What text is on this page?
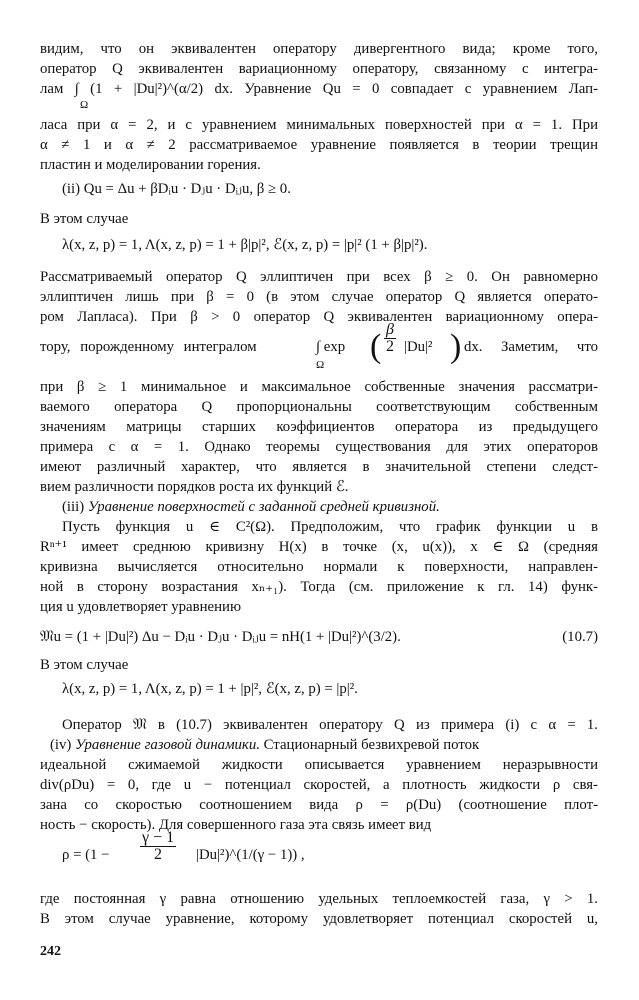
видим, что он эквивалентен оператору дивергентного вида; кроме того,

оператор Q эквивалентен вариационному оператору, связанному с интегра-

лам ∫ (1 + |Du|²)^(α/2) dx. Уравнение Qu = 0 совпадает с уравнением Лап-

Ω

ласа при α = 2, и с уравнением минимальных поверхностей при α = 1. При

α ≠ 1 и α ≠ 2 рассматриваемое уравнение появляется в теории трещин

пластин и моделировании горения.

(ii) Qu = Δu + βDᵢu · Dⱼu · Dᵢⱼu, β ≥ 0.

В этом случае

λ(x, z, p) = 1, Λ(x, z, p) = 1 + β|p|², ℰ(x, z, p) = |p|² (1 + β|p|²).

Рассматриваемый оператор Q эллиптичен при всех β ≥ 0. Он равномерно

эллиптичен лишь при β = 0 (в этом случае оператор Q является операто-

ром Лапласа). При β > 0 оператор Q эквивалентен вариационному опера-

тору, порожденному интегралом	∫ exp ( $\frac{\beta}{2} |Du|^2$ ) dx. Заметим, что

Ω

при β ≥ 1 минимальное и максимальное собственные значения рассматри-

ваемого оператора Q пропорциональны соответствующим собственным

значениям матрицы старших коэффициентов оператора из предыдущего

примера с α = 1. Однако теоремы существования для этих операторов

имеют различный характер, что является в значительной степени следст-

вием различности порядков роста их функций ℰ.

(iii) Уравнение поверхностей с заданной средней кривизной.

Пусть функция u ∈ C²(Ω). Предположим, что график функции u в

Rⁿ⁺¹ имеет среднюю кривизну H(x) в точке (x, u(x)), x ∈ Ω (средняя

кривизна вычисляется относительно нормали к поверхности, направлен-

ной в сторону возрастания xₙ₊₁). Тогда (см. приложение к гл. 14) функ-

ция u удовлетворяет уравнению

𝔐u = (1 + |Du|²) Δu − Dᵢu · Dⱼu · Dᵢⱼu = nH(1 + |Du|²)^(3/2).	(10.7)

В этом случае

λ(x, z, p) = 1, Λ(x, z, p) = 1 + |p|², ℰ(x, z, p) = |p|².

Оператор 𝔐 в (10.7) эквивалентен оператору Q из примера (i) с α = 1.

(iv) Уравнение газовой динамики. Стационарный безвихревой поток

идеальной сжимаемой жидкости описывается уравнением неразрывности

div(ρDu) = 0, где u − потенциал скоростей, а плотность жидкости ρ свя-

зана со скоростью соотношением вида ρ = ρ(Du) (соотношение плот-

ность − скорость). Для совершенного газа эта связь имеет вид

ρ = (1 −	$\frac{\gamma - 1}{2}$ |Du|²)^(1/(γ − 1)) ,

где постоянная γ равна отношению удельных теплоемкостей газа, γ > 1.

В этом случае уравнение, которому удовлетворяет потенциал скоростей u,

242
